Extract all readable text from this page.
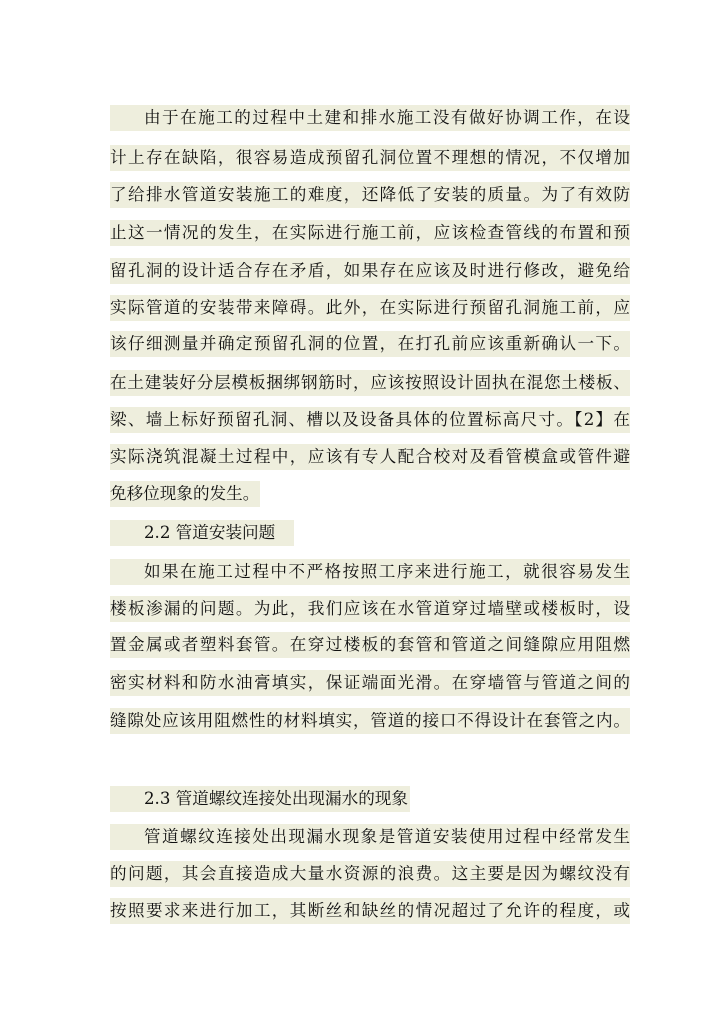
由于在施工的过程中土建和排水施工没有做好协调工作，在设
计上存在缺陷，很容易造成预留孔洞位置不理想的情况，不仅增加
了给排水管道安装施工的难度，还降低了安装的质量。为了有效防
止这一情况的发生，在实际进行施工前，应该检查管线的布置和预
留孔洞的设计适合存在矛盾，如果存在应该及时进行修改，避免给
实际管道的安装带来障碍。此外，在实际进行预留孔洞施工前，应
该仔细测量并确定预留孔洞的位置，在打孔前应该重新确认一下。
在土建装好分层模板捆绑钢筋时，应该按照设计固执在混您土楼板、
梁、墙上标好预留孔洞、槽以及设备具体的位置标高尺寸。【2】在
实际浇筑混凝土过程中，应该有专人配合校对及看管模盒或管件避
免移位现象的发生。
2.2 管道安装问题
如果在施工过程中不严格按照工序来进行施工，就很容易发生
楼板渗漏的问题。为此，我们应该在水管道穿过墙壁或楼板时，设
置金属或者塑料套管。在穿过楼板的套管和管道之间缝隙应用阻燃
密实材料和防水油膏填实，保证端面光滑。在穿墙管与管道之间的
缝隙处应该用阻燃性的材料填实，管道的接口不得设计在套管之内。
2.3 管道螺纹连接处出现漏水的现象
管道螺纹连接处出现漏水现象是管道安装使用过程中经常发生
的问题，其会直接造成大量水资源的浪费。这主要是因为螺纹没有
按照要求来进行加工，其断丝和缺丝的情况超过了允许的程度，或
